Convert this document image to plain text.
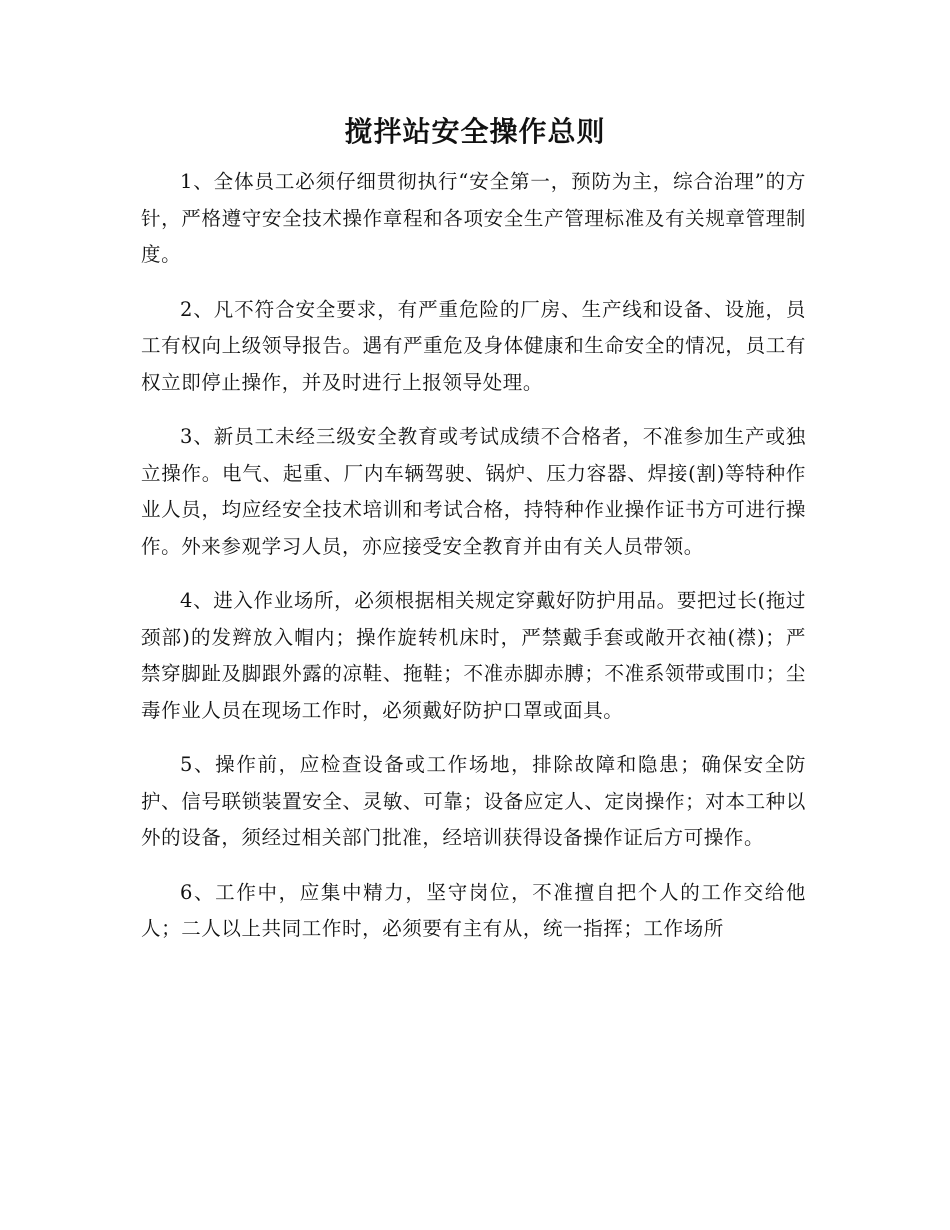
搅拌站安全操作总则

1、全体员工必须仔细贯彻执行“安全第一，预防为主，综合治理”的方针，严格遵守安全技术操作章程和各项安全生产管理标准及有关规章管理制度。

2、凡不符合安全要求，有严重危险的厂房、生产线和设备、设施，员工有权向上级领导报告。遇有严重危及身体健康和生命安全的情况，员工有权立即停止操作，并及时进行上报领导处理。

3、新员工未经三级安全教育或考试成绩不合格者，不准参加生产或独立操作。电气、起重、厂内车辆驾驶、锅炉、压力容器、焊接(割)等特种作业人员，均应经安全技术培训和考试合格，持特种作业操作证书方可进行操作。外来参观学习人员，亦应接受安全教育并由有关人员带领。

4、进入作业场所，必须根据相关规定穿戴好防护用品。要把过长(拖过颈部)的发辫放入帽内；操作旋转机床时，严禁戴手套或敞开衣袖(襟)；严禁穿脚趾及脚跟外露的凉鞋、拖鞋；不准赤脚赤膊；不准系领带或围巾；尘毒作业人员在现场工作时，必须戴好防护口罩或面具。

5、操作前，应检查设备或工作场地，排除故障和隐患；确保安全防护、信号联锁装置安全、灵敏、可靠；设备应定人、定岗操作；对本工种以外的设备，须经过相关部门批准，经培训获得设备操作证后方可操作。

6、工作中，应集中精力，坚守岗位，不准擅自把个人的工作交给他人；二人以上共同工作时，必须要有主有从，统一指挥；工作场所
